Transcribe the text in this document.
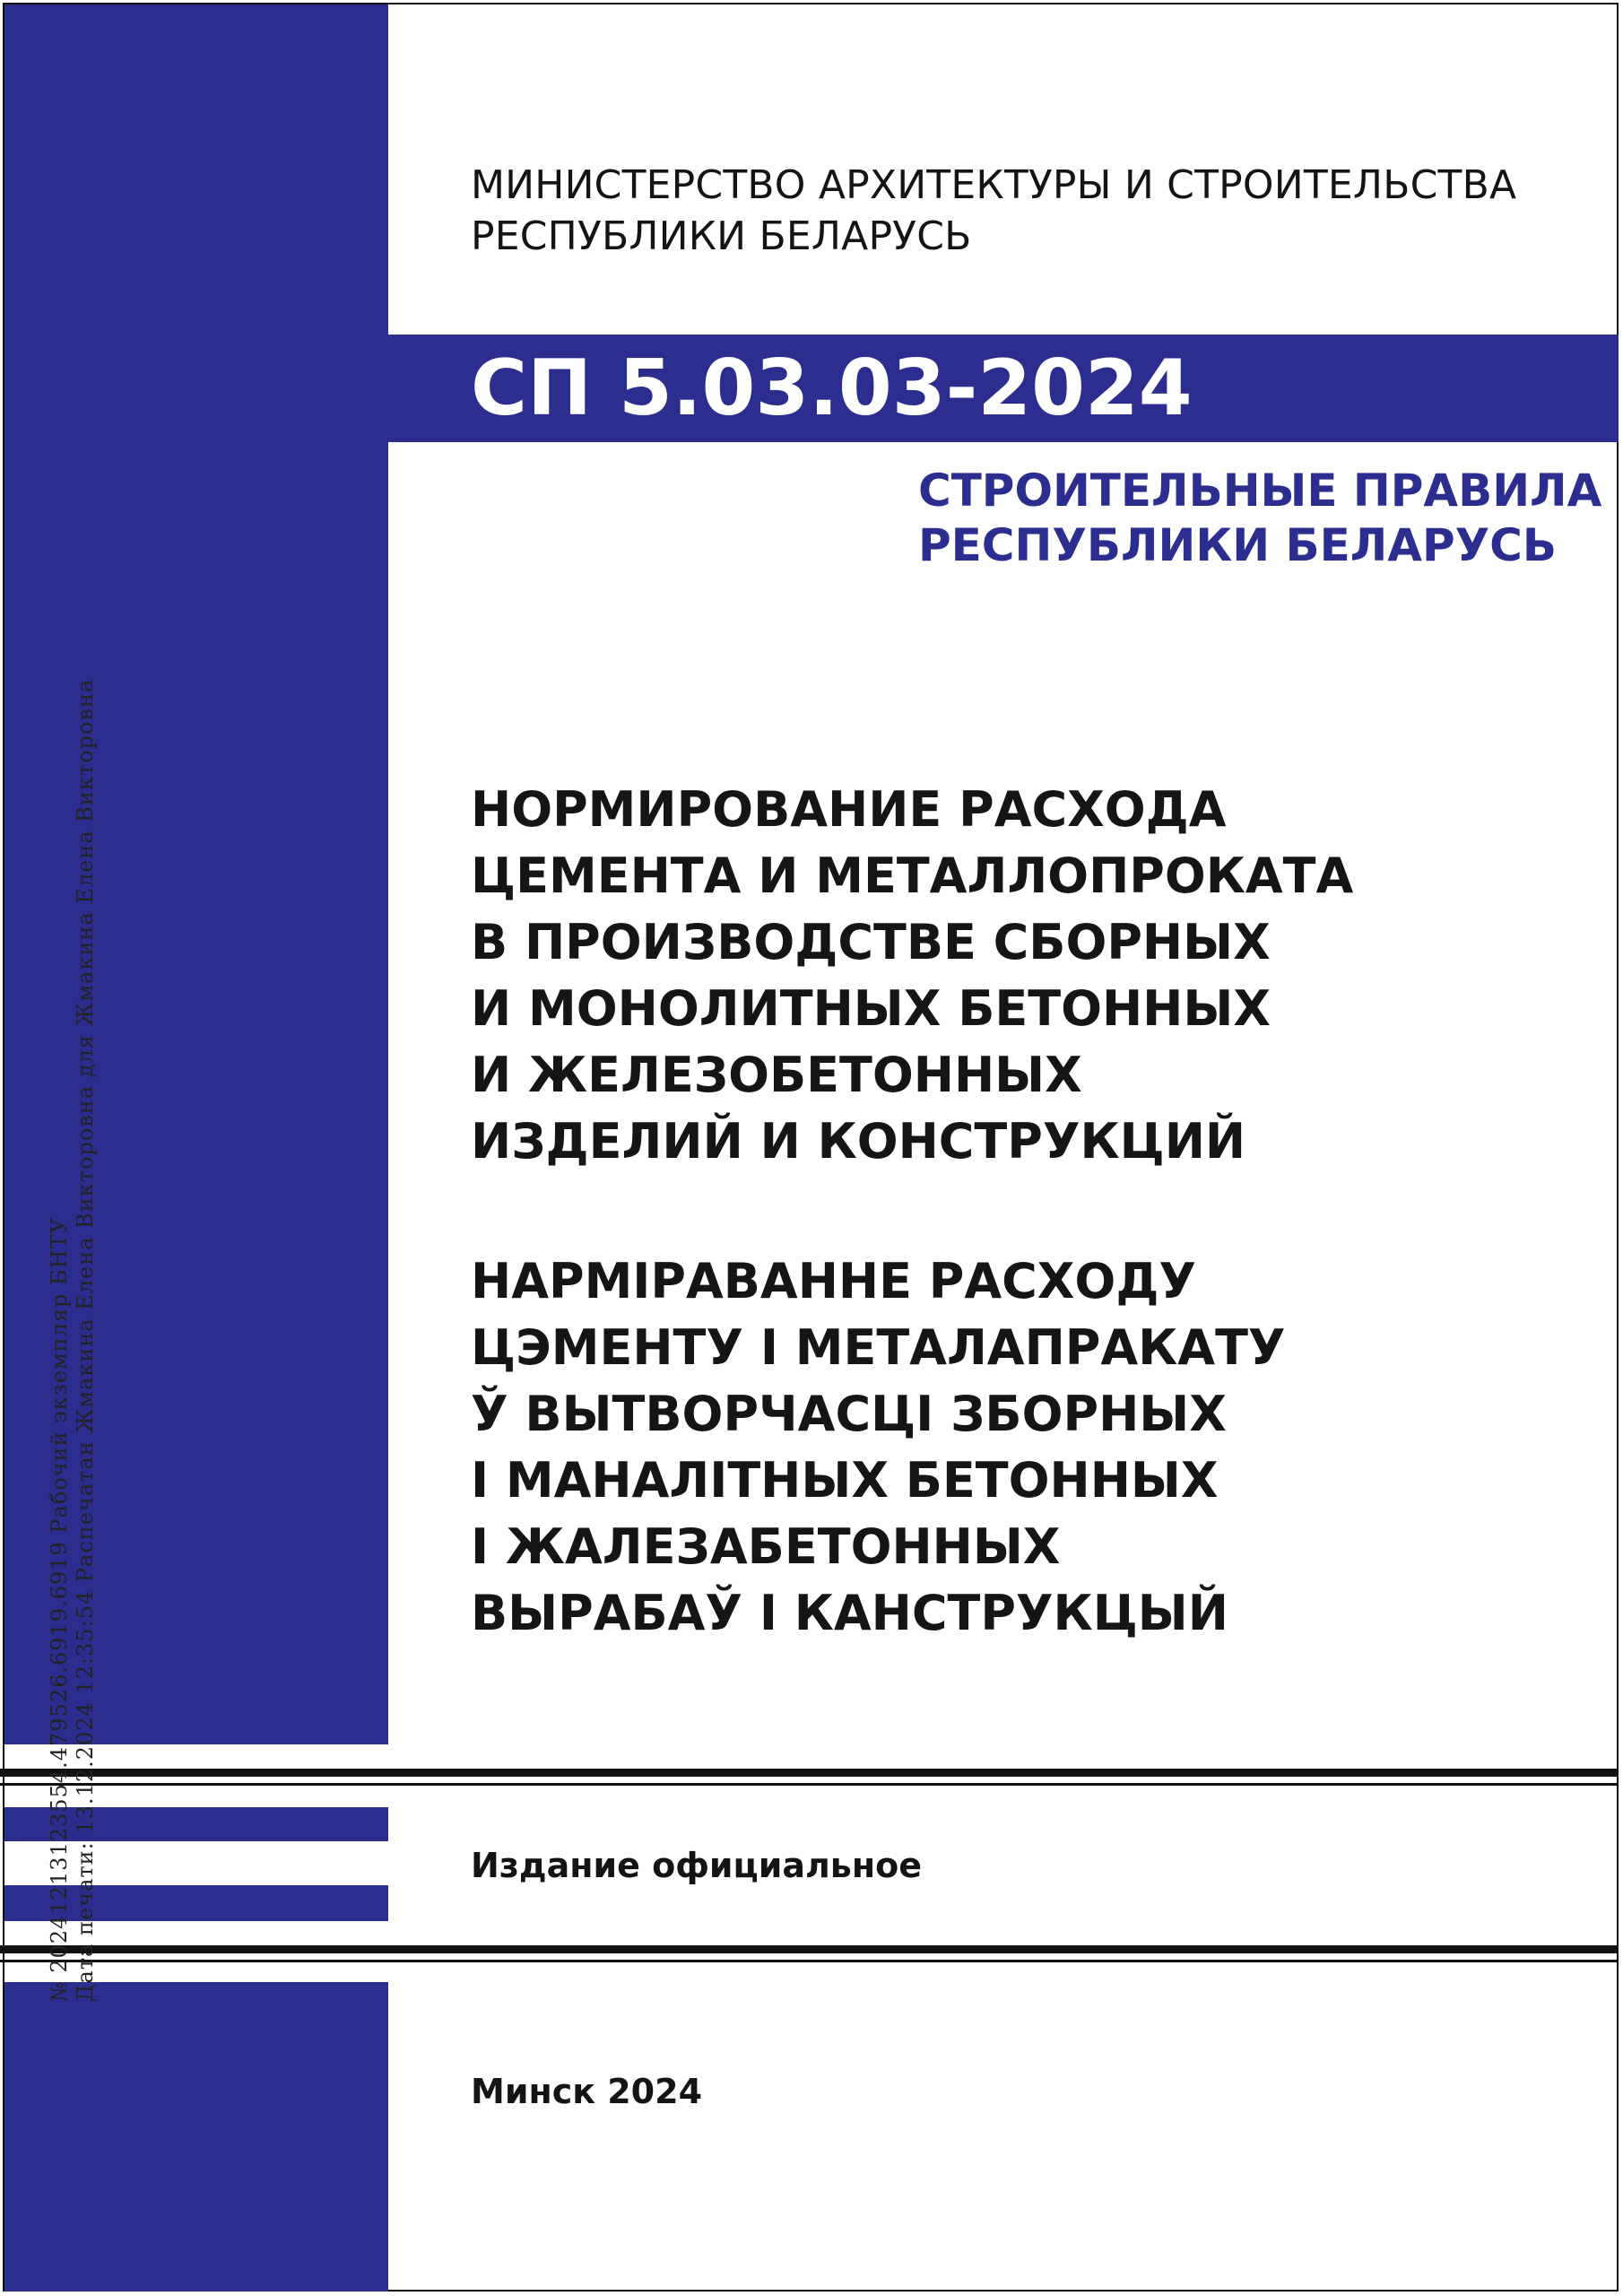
МИНИСТЕРСТВО АРХИТЕКТУРЫ И СТРОИТЕЛЬСТВА
РЕСПУБЛИКИ БЕЛАРУСЬ
СП 5.03.03-2024
СТРОИТЕЛЬНЫЕ ПРАВИЛА
РЕСПУБЛИКИ БЕЛАРУСЬ
НОРМИРОВАНИЕ РАСХОДА
ЦЕМЕНТА И МЕТАЛЛОПРОКАТА
В ПРОИЗВОДСТВЕ СБОРНЫХ
И МОНОЛИТНЫХ БЕТОННЫХ
И ЖЕЛЕЗОБЕТОННЫХ
ИЗДЕЛИЙ И КОНСТРУКЦИЙ
НАРМІРАВАННЕ РАСХОДУ
ЦЭМЕНТУ І МЕТАЛАПРАКАТУ
Ў ВЫТВОРЧАСЦІ ЗБОРНЫХ
І МАНАЛІТНЫХ БЕТОННЫХ
І ЖАЛЕЗАБЕТОННЫХ
ВЫРАБАЎ І КАНСТРУКЦЫЙ
Издание официальное
Минск 2024
№ 20241213123554.479526.6919.6919 Рабочий экземпляр БНТУ Дата печати: 13.12.2024 12:35:54 Распечатан Жмакина Елена Викторовна для Жмакина Елена Викторовна
